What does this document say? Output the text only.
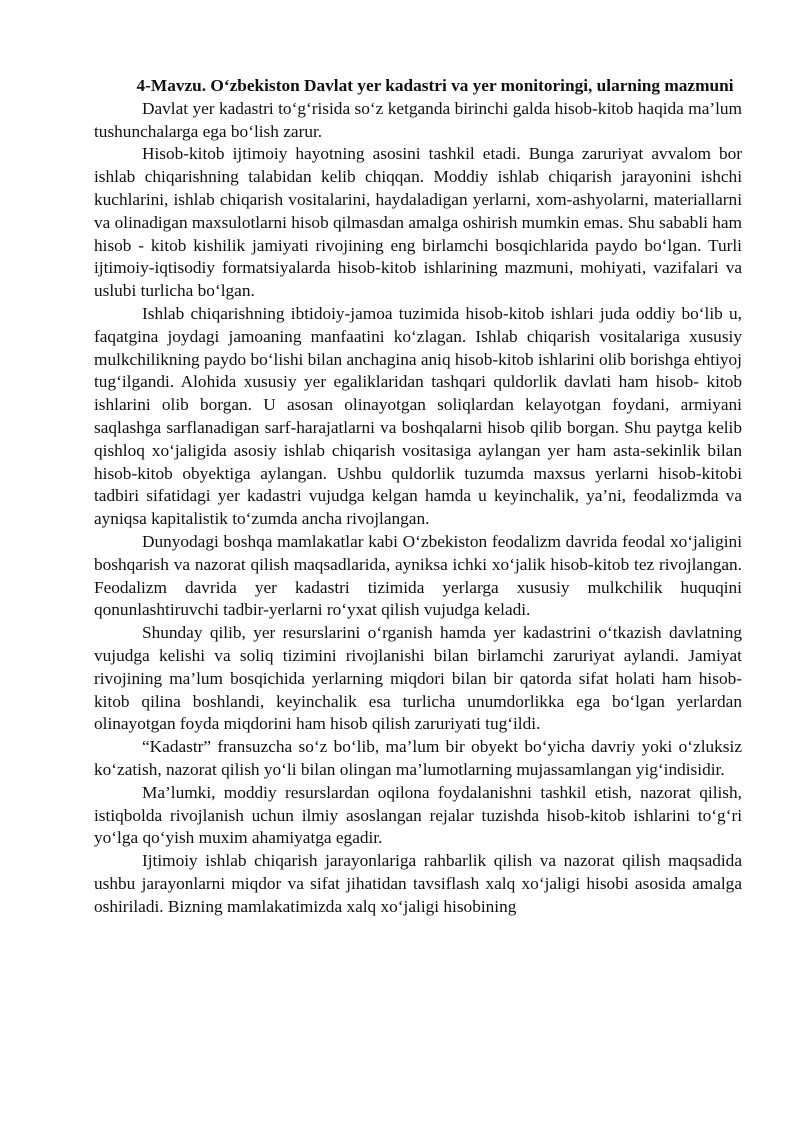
4-Mavzu. O‘zbekiston Davlat yer kadastri va yer monitoringi, ularning mazmuni

Davlat yer kadastri to‘g‘risida so‘z ketganda birinchi galda hisob-kitob haqida ma’lum tushunchalarga ega bo‘lish zarur.

Hisob-kitob ijtimoiy hayotning asosini tashkil etadi. Bunga zaruriyat avvalom bor ishlab chiqarishning talabidan kelib chiqqan. Moddiy ishlab chiqarish jarayonini ishchi kuchlarini, ishlab chiqarish vositalarini, haydaladigan yerlarni, xom-ashyolarni, materiallarni va olinadigan maxsulotlarni hisob qilmasdan amalga oshirish mumkin emas. Shu sababli ham hisob - kitob kishilik jamiyati rivojining eng birlamchi bosqichlarida paydo bo‘lgan. Turli ijtimoiy-iqtisodiy formatsiyalarda hisob-kitob ishlarining mazmuni, mohiyati, vazifalari va uslubi turlicha bo‘lgan.

Ishlab chiqarishning ibtidoiy-jamoa tuzimida hisob-kitob ishlari juda oddiy bo‘lib u, faqatgina joydagi jamoaning manfaatini ko‘zlagan. Ishlab chiqarish vositalariga xususiy mulkchilikning paydo bo‘lishi bilan anchagina aniq hisob-kitob ishlarini olib borishga ehtiyoj tug‘ilgandi. Alohida xususiy yer egaliklaridan tashqari quldorlik davlati ham hisob- kitob ishlarini olib borgan. U asosan olinayotgan soliqlardan kelayotgan foydani, armiyani saqlashga sarflanadigan sarf-harajatlarni va boshqalarni hisob qilib borgan. Shu paytga kelib qishloq xo‘jaligida asosiy ishlab chiqarish vositasiga aylangan yer ham asta-sekinlik bilan hisob-kitob obyektiga aylangan. Ushbu quldorlik tuzumda maxsus yerlarni hisob-kitobi tadbiri sifatidagi yer kadastri vujudga kelgan hamda u keyinchalik, ya’ni, feodalizmda va ayniqsa kapitalistik to‘zumda ancha rivojlangan.

Dunyodagi boshqa mamlakatlar kabi O‘zbekiston feodalizm davrida feodal xo‘jaligini boshqarish va nazorat qilish maqsadlarida, ayniksa ichki xo‘jalik hisob-kitob tez rivojlangan. Feodalizm davrida yer kadastri tizimida yerlarga xususiy mulkchilik huquqini qonunlashtiruvchi tadbir-yerlarni ro‘yxat qilish vujudga keladi.

Shunday qilib, yer resurslarini o‘rganish hamda yer kadastrini o‘tkazish davlatning vujudga kelishi va soliq tizimini rivojlanishi bilan birlamchi zaruriyat aylandi. Jamiyat rivojining ma’lum bosqichida yerlarning miqdori bilan bir qatorda sifat holati ham hisob-kitob qilina boshlandi, keyinchalik esa turlicha unumdorlikka ega bo‘lgan yerlardan olinayotgan foyda miqdorini ham hisob qilish zaruriyati tug‘ildi.

“Kadastr” fransuzcha so‘z bo‘lib, ma’lum bir obyekt bo‘yicha davriy yoki o‘zluksiz ko‘zatish, nazorat qilish yo‘li bilan olingan ma’lumotlarning mujassamlangan yig‘indisidir.

Ma’lumki, moddiy resurslardan oqilona foydalanishni tashkil etish, nazorat qilish, istiqbolda rivojlanish uchun ilmiy asoslangan rejalar tuzishda hisob-kitob ishlarini to‘g‘ri yo‘lga qo‘yish muxim ahamiyatga egadir.

Ijtimoiy ishlab chiqarish jarayonlariga rahbarlik qilish va nazorat qilish maqsadida ushbu jarayonlarni miqdor va sifat jihatidan tavsiflash xalq xo‘jaligi hisobi asosida amalga oshiriladi. Bizning mamlakatimizda xalq xo‘jaligi hisobining
